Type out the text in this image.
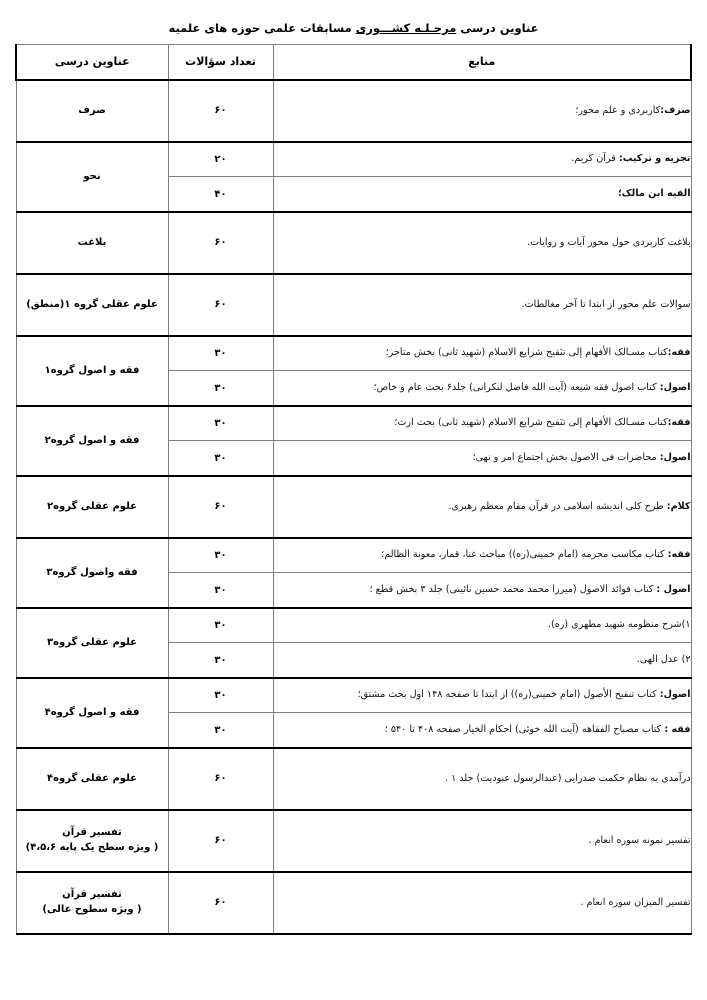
عناوین درسی مرحـلـه کشـــوری مسابقات علمی حوزه های علمیه
منابع	تعداد سؤالات	عناوین درسی
صرف:کاربردی و علم محور؛	۶۰	صرف
تجزیه و ترکیب: قرآن کریم.	۲۰	نحو
الفیه ابن مالک؛	۴۰	
بلاغت کاربردی حول محور آیات و روایات.	۶۰	بلاغت
سوالات علم محور از ابتدا تا آخر مغالطات.	۶۰	علوم عقلی گروه ۱(منطق)
فقه:کتاب مسـالک الأفهام إلی تنَقیح شرایع الاسلام (شهید ثانی) بخش متاجر؛	۳۰	فقه و اصول گروه۱
اصول: کتاب اصول فقه شیعه (آیت الله فاضل لنکرانی) جلد۶ بحث عام و خاص؛	۳۰	
فقه:کتاب مسـالک الأفهام إلی تنَقیح شرایع الاسلام (شهید ثانی) بحث ارث؛	۳۰	فقه و اصول گروه۲
اصول: محاضرات فی الاصول بخش اجتماع امر و نهی؛	۳۰	
کلام: طرح کلی اندیشه اسلامی در قرآن مقام معظم رهبری.	۶۰	علوم عقلی گروه۲
فقه: کتاب مکاسب محرمه (امام خمینی(ره)) مباحث غنا، قمار، معونة الظالم؛	۳۰	فقه واصول گروه۳
اصول : کتاب فوائد الاصول (میرزا محمد محمد حسین نائینی) جلد ۳ بخش قطع ؛	۳۰	
۱)شرح منظومه شهید مطهری (ره).	۳۰	علوم عقلی گروه۳
۲) عدل الهی.	۳۰	
اصول: کتاب تنقیح الأصول (امام خمینی(ره)) از ابتدا تا صفحه ۱۴۸ اول بحث مشتق؛	۳۰	فقه و اصول گروه۴
فقه : کتاب مصباح الفقاهه (آیت الله خوئی) احکام الخیار صفحه ۴۰۸ تا ۵۴۰ ؛	۳۰	
درآمدی به نظام حکمت صدرایی (عبدالرسول عبودیت) جلد ۱ .	۶۰	علوم عقلی گروه۴
تفسیر نمونه سوره انعام .	۶۰	تفسیر قرآن
( ویژه سطح یک پایه ۴،۵،۶)

تفسیر المیزان سوره انعام .	۶۰	تفسیر قرآن
( ویژه سطوح عالی)
